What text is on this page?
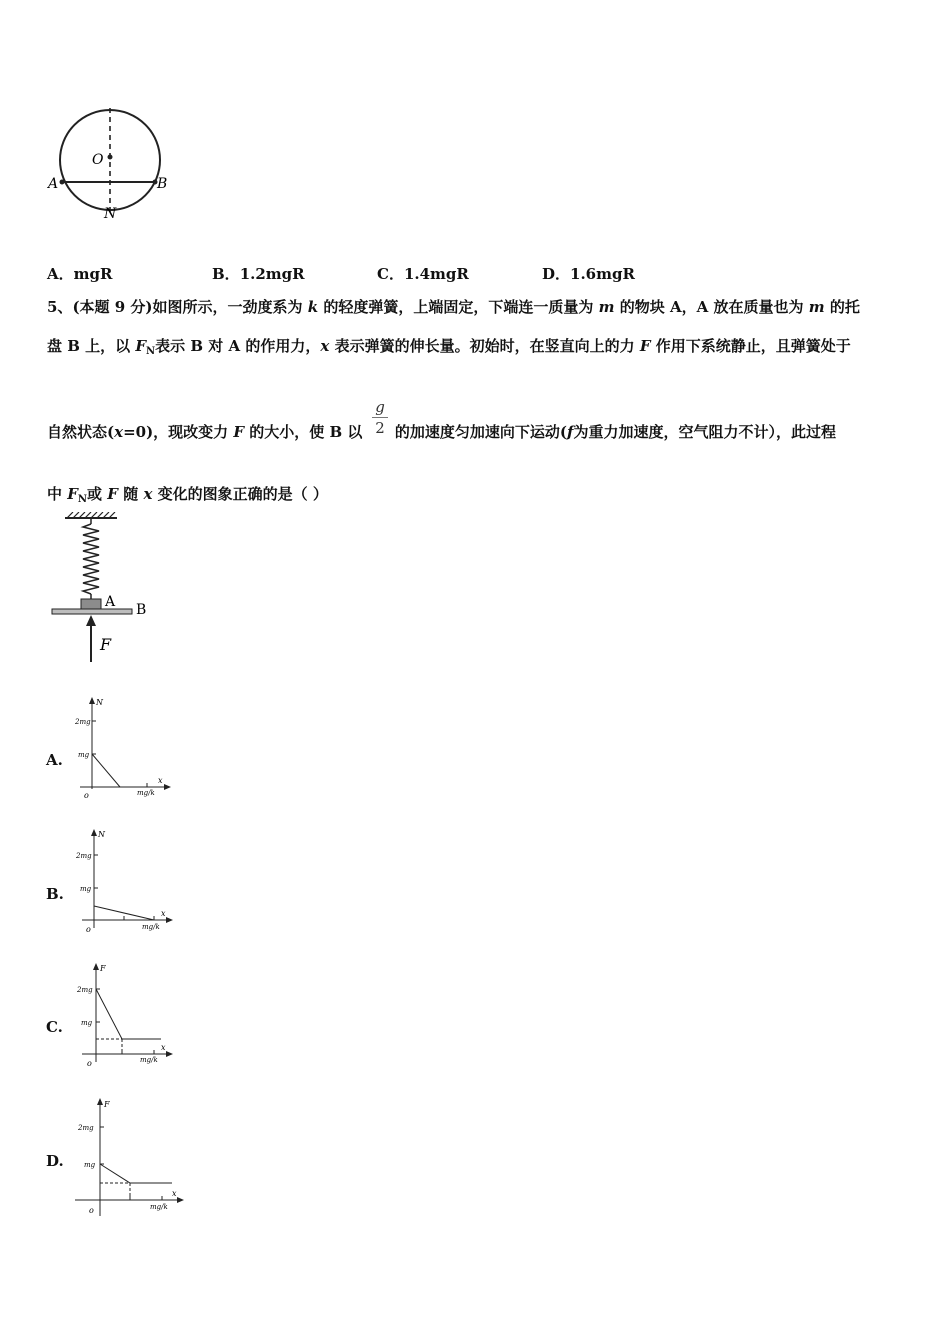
O
A	B
N
A．mgR	B．1.2mgR	C．1.4mgR	D．1.6mgR
5、(本题 9 分)如图所示，一劲度系为 k 的轻度弹簧，上端固定，下端连一质量为 m 的物块 A，A 放在质量也为 m 的托
盘 B 上，以 $F_N$表示 B 对 A 的作用力，x 表示弹簧的伸长量。初始时，在竖直向上的力 F 作用下系统静止，且弹簧处于
g
2
自然状态(x=0)，现改变力 F 的大小，使 B 以 的加速度匀加速向下运动(f为重力加速度，空气阻力不计），此过程
中 $F_N$或 F 随 x 变化的图象正确的是（ ）
A B
F
A.
N
2mg
mg
o	mg/k
x
B.
N
2mg
mg
o	mg/k
x
C.
F
2mg
mg
o	mg/k
x
D.
F
2mg
mg
o	mg/k
x
